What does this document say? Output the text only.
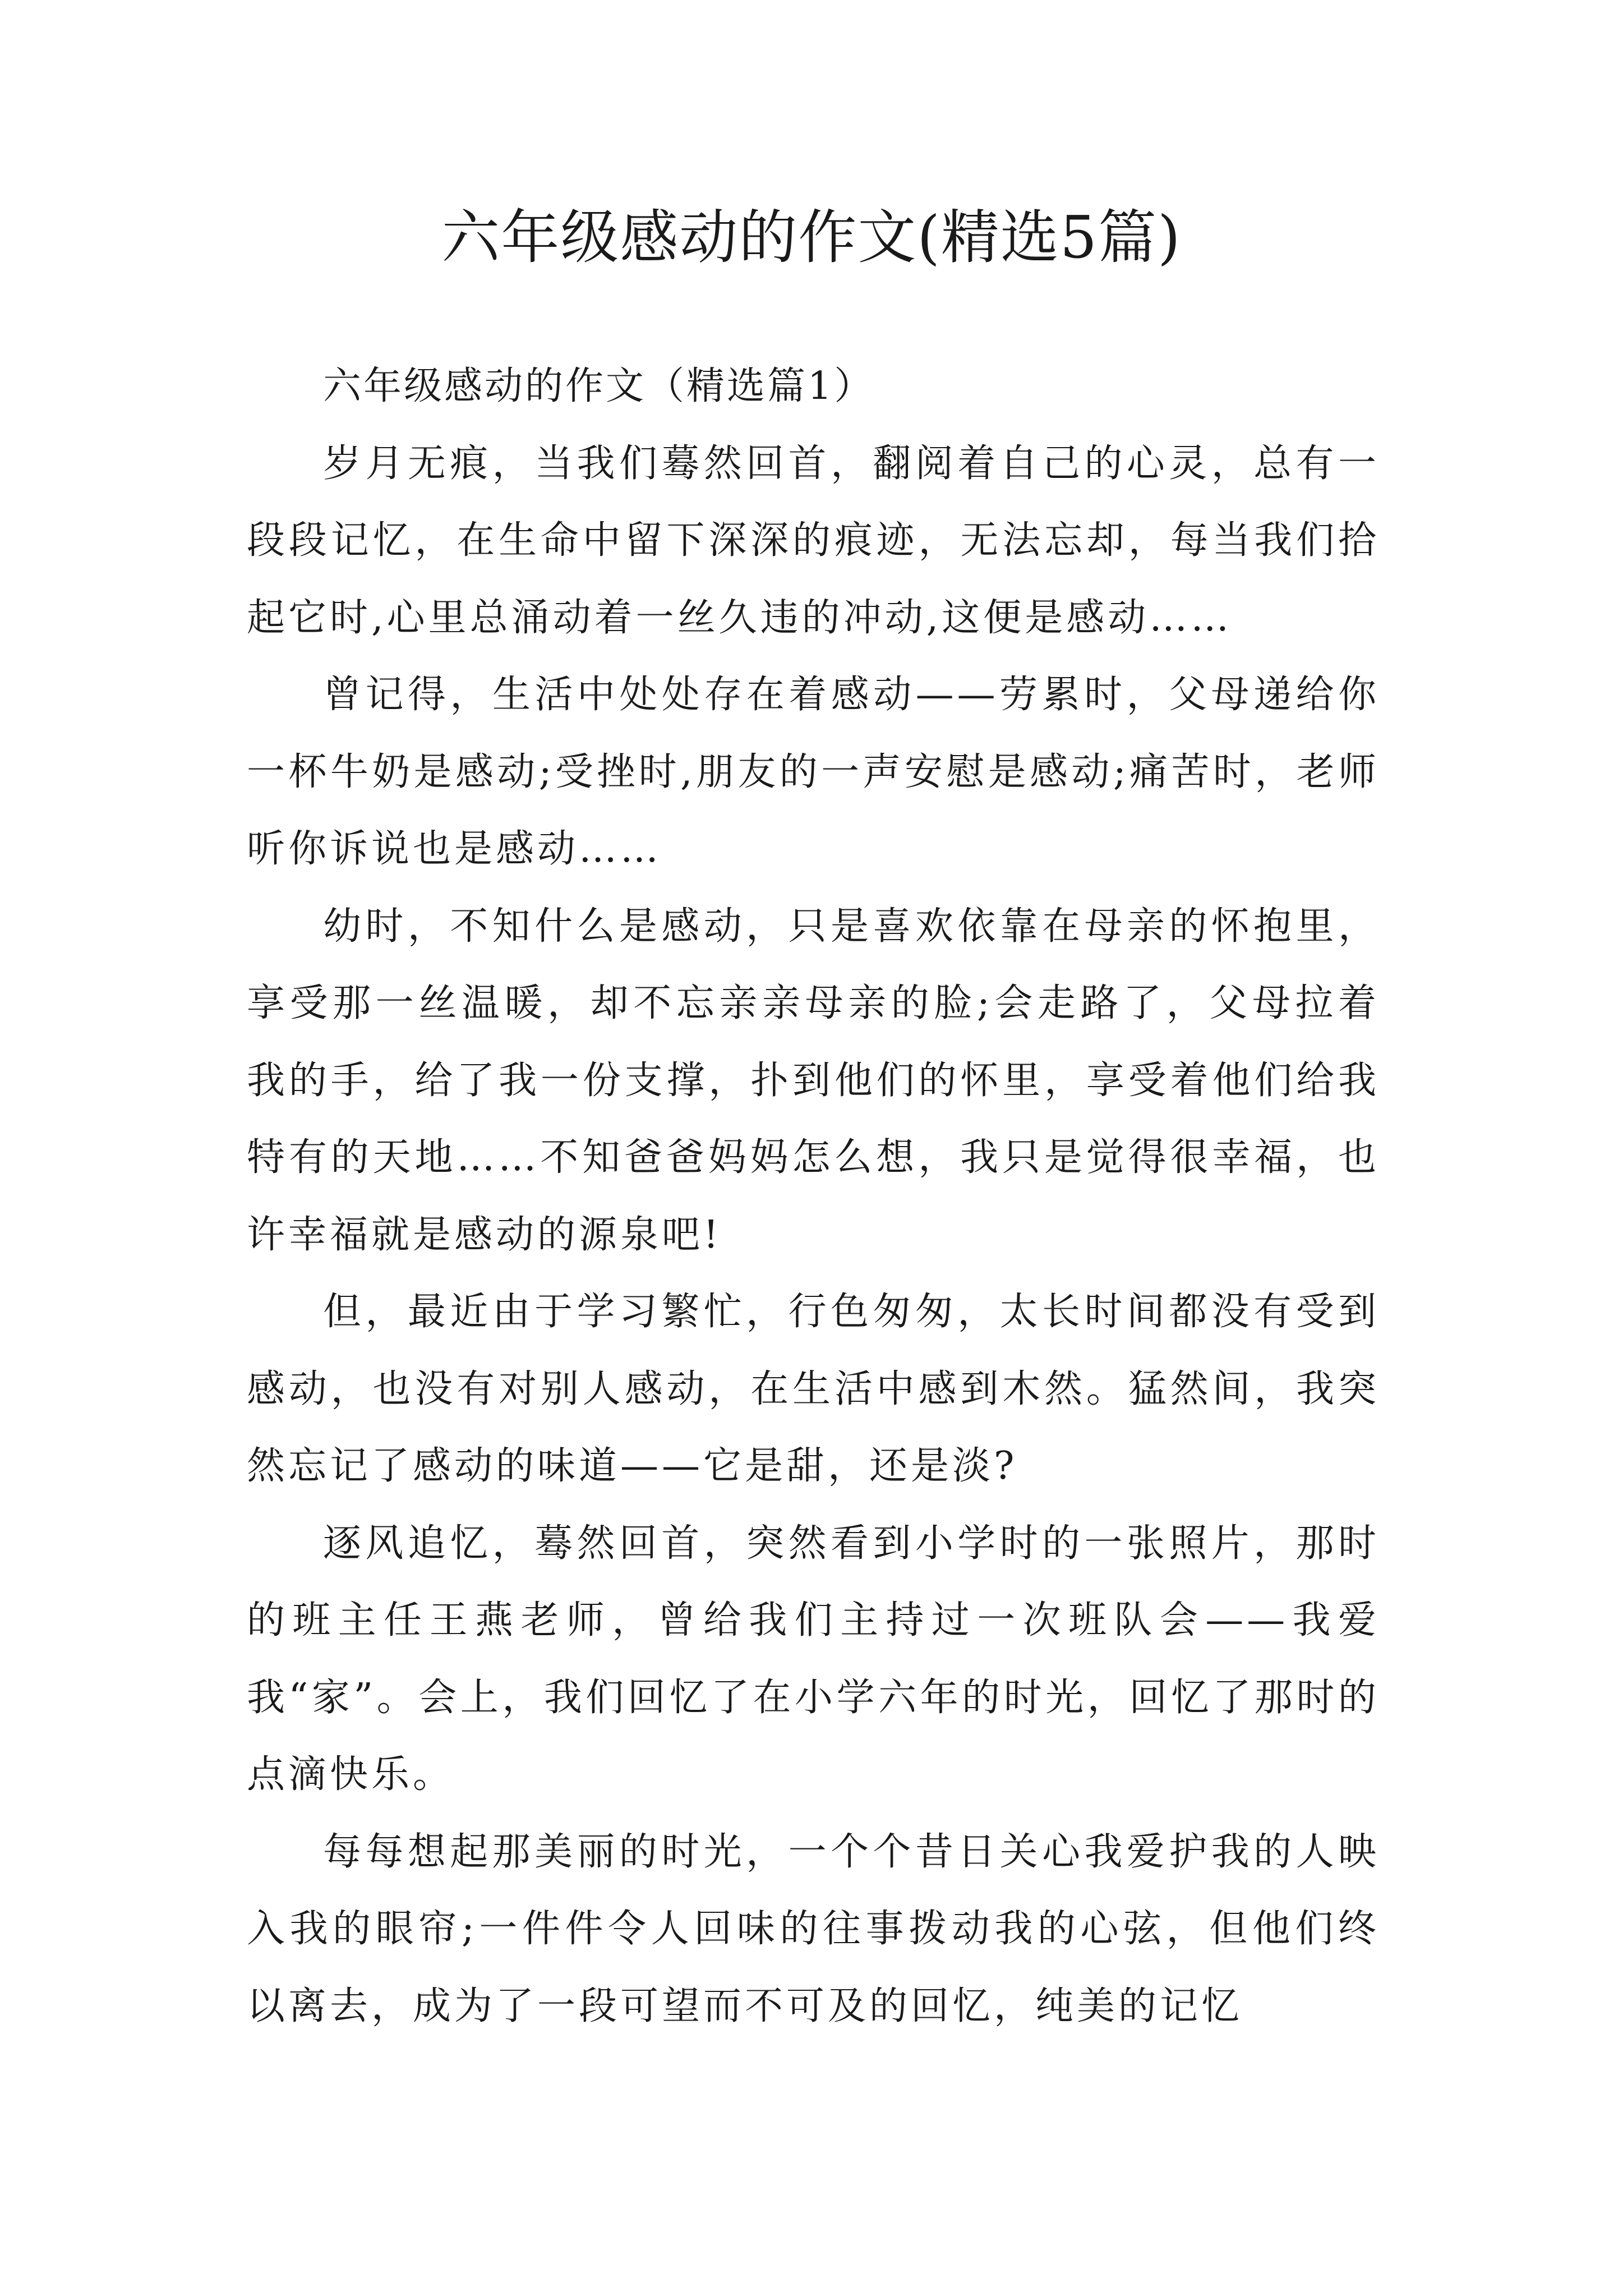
六年级感动的作文(精选5篇)

六年级感动的作文（精选篇1）

岁月无痕，当我们蓦然回首，翻阅着自己的心灵，总有一段段记忆，在生命中留下深深的痕迹，无法忘却，每当我们拾起它时,心里总涌动着一丝久违的冲动,这便是感动……

曾记得，生活中处处存在着感动——劳累时，父母递给你一杯牛奶是感动;受挫时,朋友的一声安慰是感动;痛苦时，老师听你诉说也是感动……

幼时，不知什么是感动，只是喜欢依靠在母亲的怀抱里，享受那一丝温暖，却不忘亲亲母亲的脸;会走路了，父母拉着我的手，给了我一份支撑，扑到他们的怀里，享受着他们给我特有的天地……不知爸爸妈妈怎么想，我只是觉得很幸福，也许幸福就是感动的源泉吧!

但，最近由于学习繁忙，行色匆匆，太长时间都没有受到感动，也没有对别人感动，在生活中感到木然。猛然间，我突然忘记了感动的味道——它是甜，还是淡?

逐风追忆，蓦然回首，突然看到小学时的一张照片，那时的班主任王燕老师，曾给我们主持过一次班队会——我爱我“家”。会上，我们回忆了在小学六年的时光，回忆了那时的点滴快乐。

每每想起那美丽的时光，一个个昔日关心我爱护我的人映入我的眼帘;一件件令人回味的往事拨动我的心弦，但他们终以离去，成为了一段可望而不可及的回忆，纯美的记忆
